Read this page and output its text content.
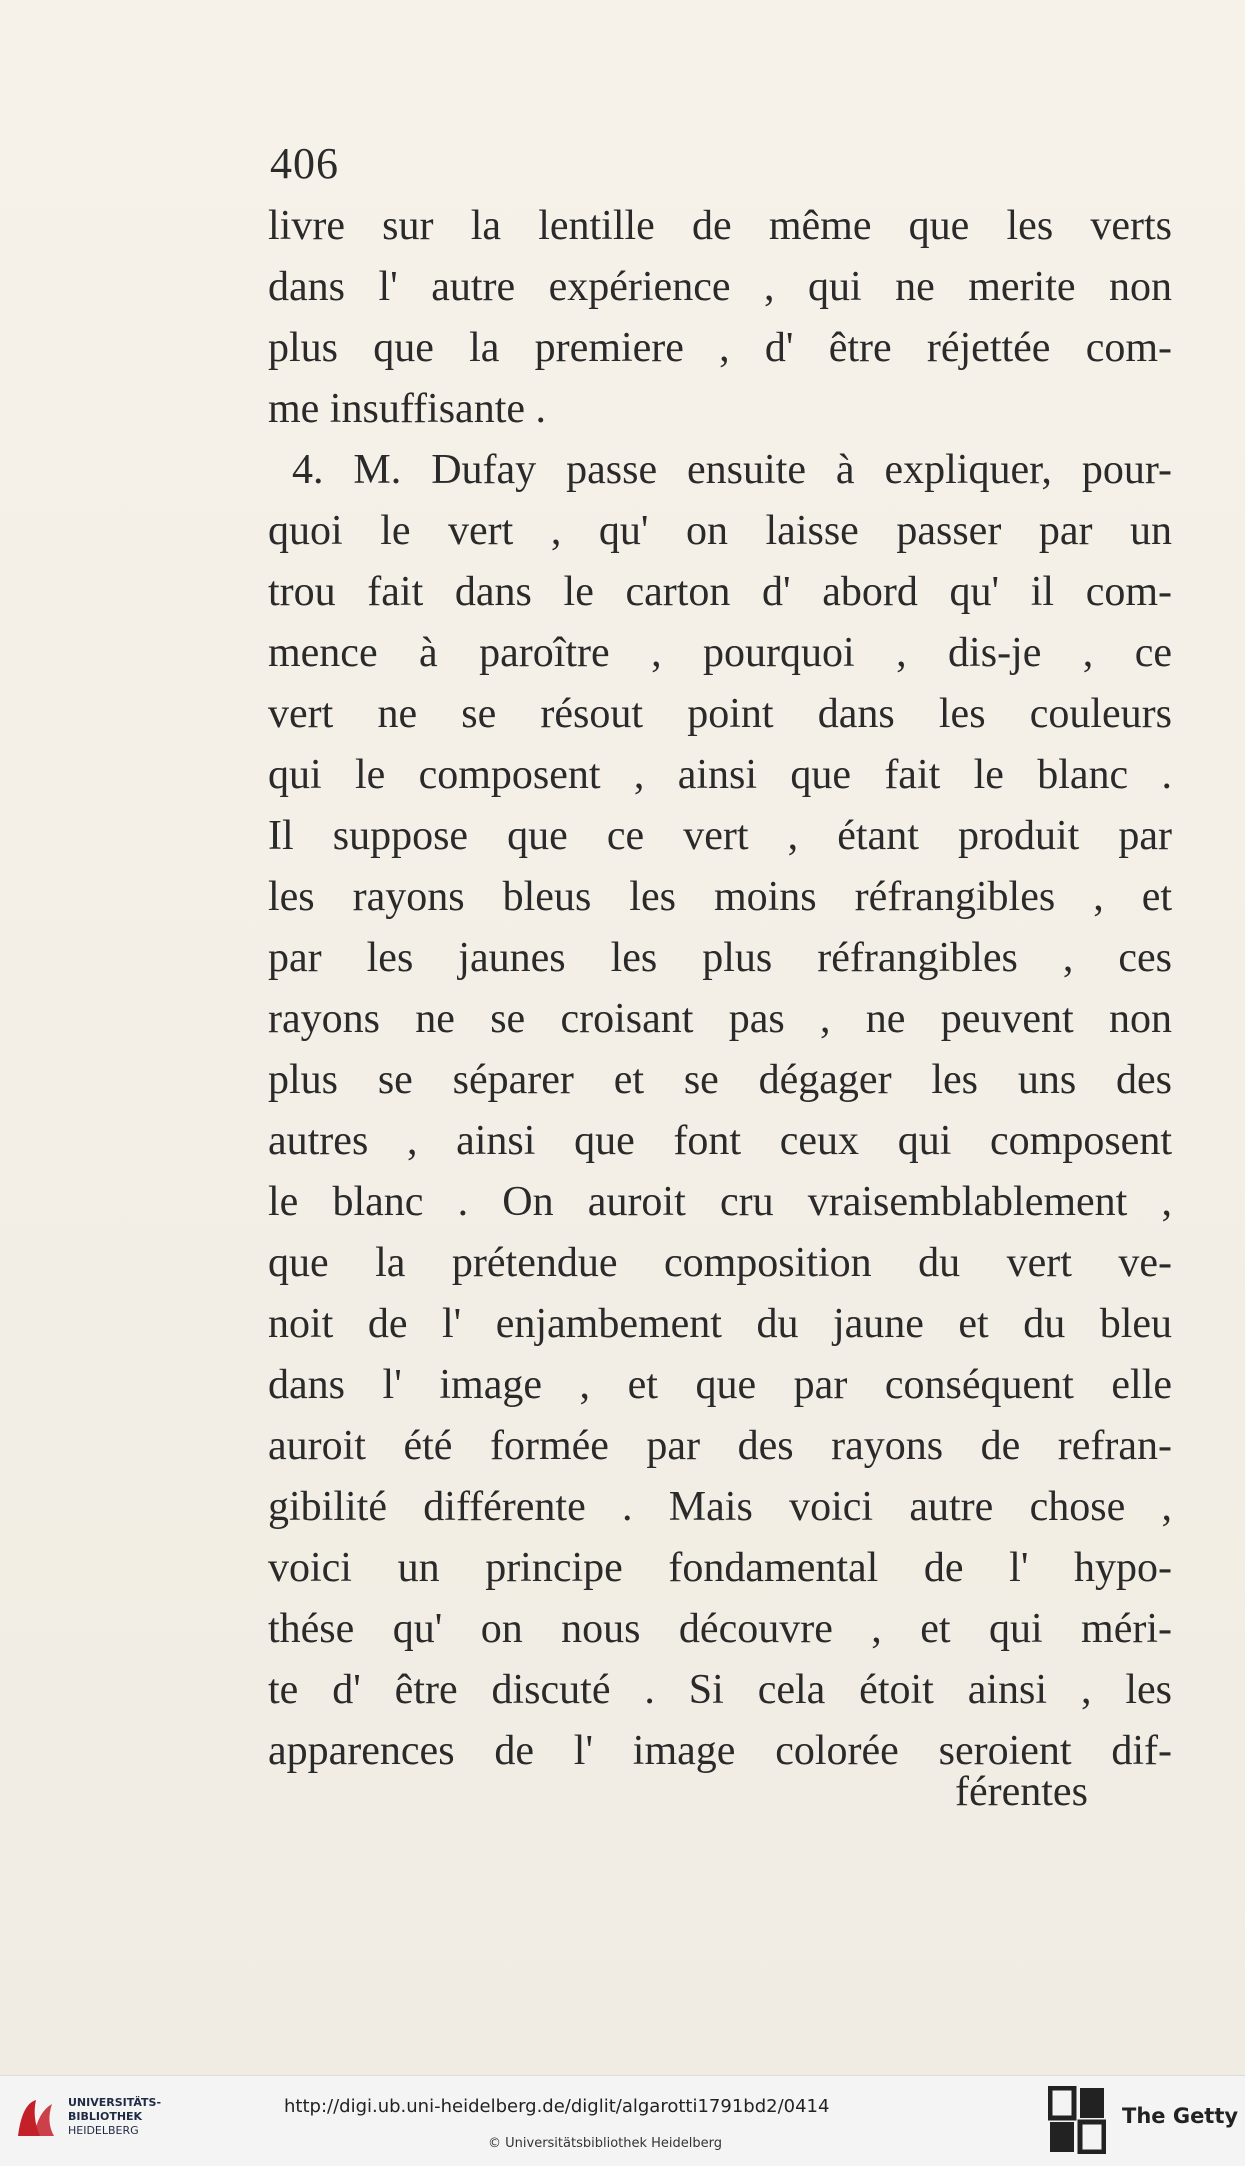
406
livre sur la lentille de même que les verts
dans l' autre expérience , qui ne merite non
plus que la premiere , d' être réjettée com-
me insuffisante .
4. M. Dufay passe ensuite à expliquer, pour-
quoi le vert , qu' on laisse passer par un
trou fait dans le carton d' abord qu' il com-
mence à paroître , pourquoi , dis-je , ce
vert ne se résout point dans les couleurs
qui le composent , ainsi que fait le blanc .
Il suppose que ce vert , étant produit par
les rayons bleus les moins réfrangibles , et
par les jaunes les plus réfrangibles , ces
rayons ne se croisant pas , ne peuvent non
plus se séparer et se dégager les uns des
autres , ainsi que font ceux qui composent
le blanc . On auroit cru vraisemblablement ,
que la prétendue composition du vert ve-
noit de l' enjambement du jaune et du bleu
dans l' image , et que par conséquent elle
auroit été formée par des rayons de refran-
gibilité différente . Mais voici autre chose ,
voici un principe fondamental de l' hypo-
thése qu' on nous découvre , et qui méri-
te d' être discuté . Si cela étoit ainsi , les
apparences de l' image colorée seroient dif-
férentes
UNIVERSITÄTS-
BIBLIOTHEK
HEIDELBERG
http://digi.ub.uni-heidelberg.de/diglit/algarotti1791bd2/0414
© Universitätsbibliothek Heidelberg
The Getty
